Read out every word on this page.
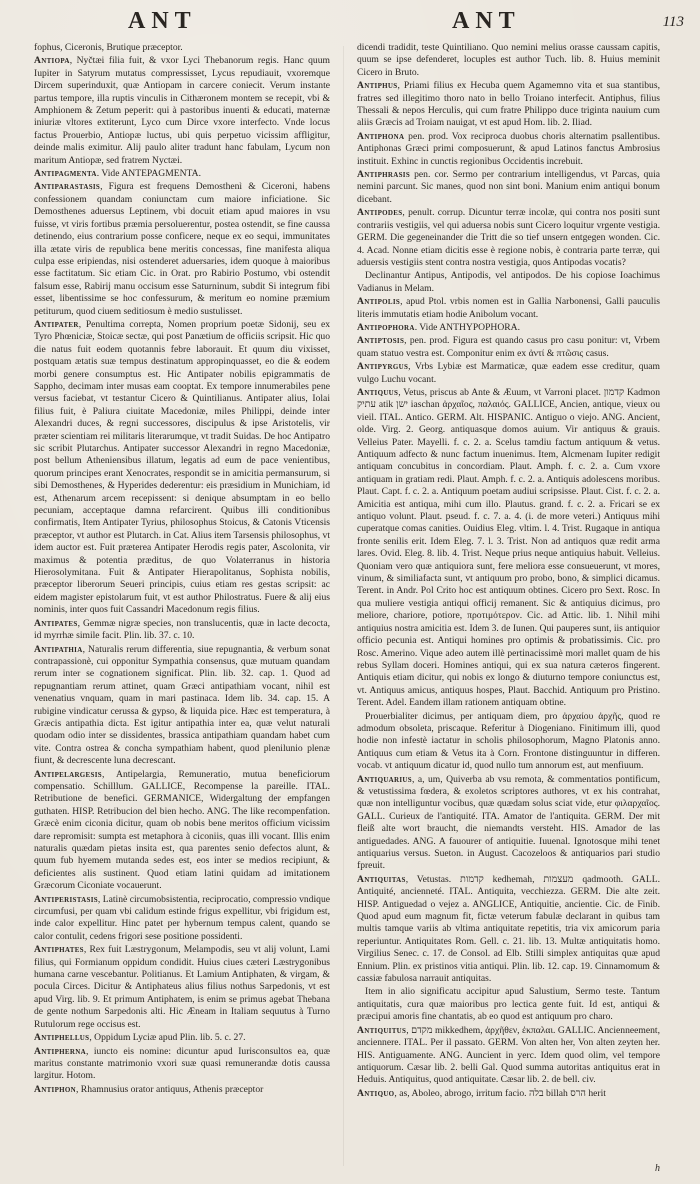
ANT	ANT	113

fophus, Ciceronis, Brutique præceptor.

Antiopa, Nyčtæi filia fuit, & vxor Lyci Thebanorum regis. Hanc quum Iupiter in Satyrum mutatus compressisset, Lycus repudiauit, vxoremque Dircem superinduxit, quæ Antiopam in carcere coniecit. Verum instante partus tempore, illa ruptis vinculis in Cithæronem montem se recepit, vbi & Amphionem & Zetum peperit: qui à pastoribus inuenti & educati, maternæ iniuriæ vltores extiterunt, Lyco cum Dirce vxore interfecto. Vnde locus factus Prouerbio, Antiopæ luctus, ubi quis perpetuo vicissim affligitur, deinde malis eximitur. Alij paulo aliter tradunt hanc fabulam, Lycum non maritum Antiopæ, sed fratrem Nyctæi.

Antipagmenta. Vide ANTEPAGMENTA.

Antiparastasis, Figura est frequens Demosthenì & Ciceroni, habens confessionem quandam coniunctam cum maiore inficiatione. Sic Demosthenes aduersus Leptinem, vbi docuit etiam apud maiores in vsu fuisse, vt viris fortibus præmia persoluerentur, postea ostendit, se fine caussa detinendo, eius contrarium posse conficere, neque ex eo sequi, immunitates illa ætate viris de republica bene meritis concessas, fine manifesta aliqua culpa esse eripiendas, nisi ostenderet aduersaries, idem quoque à maioribus esse factitatum. Sic etiam Cic. in Orat. pro Rabirio Postumo, vbi ostendit falsum esse, Rabirij manu occisum esse Saturninum, subdit Si integrum fibi esset, libentissime se hoc confessurum, & meritum eo nomine præmium petiturum, quod ciuem seditiosum è medio sustulisset.

Antipater, Penultima correpta, Nomen proprium poetæ Sidonij, seu ex Tyro Phœniciæ, Stoicæ sectæ, qui post Panætium de officiis scripsit. Hic quo die natus fuit eodem quotannis febre laborauit. Et quum diu vixisset, postquam ætatis suæ tempus destinatum appropinquasset, eo die & eodem morbi genere consumptus est. Hic Antipater nobilis epigrammatis de Sappho, decimam inter musas eam cooptat. Ex tempore innumerabiles pene versus faciebat, vt testantur Cicero & Quintilianus. Antipater alius, Iolai filius fuit, è Paliura ciuitate Macedoniæ, miles Philippi, deinde inter Alexandri duces, & regni successores, discipulus & ipse Aristotelis, vir præter scientiam rei militaris literarumque, vt tradit Suidas. De hoc Antipatro sic scribit Plutarchus. Antipater successor Alexandri in regno Macedoniæ, post bellum Atheniensibus illatum, legatis ad eum de pace venientibus, quorum principes erant Xenocrates, respondit se in amicitia permansurum, si sibi Demosthenes, & Hyperides dederentur: eis præsidium in Munichiam, id est, Athenarum arcem recepissent: si denique absumptam in eo bello pecuniam, acceptaque damna refarcirent. Quibus illi conditionibus confirmatis, Item Antipater Tyrius, philosophus Stoicus, & Catonis Vticensis præceptor, vt author est Plutarch. in Cat. Alius item Tarsensis philosophus, vt idem auctor est. Fuit præterea Antipater Herodis regis pater, Ascolonita, vir maximus & potentia præditus, de quo Volaterranus in historia Hierosolymitana. Fuit & Antipater Hierapolitanus, Sophista nobilis, præceptor liberorum Seueri principis, cuius etiam res gestas scripsit: ac eidem magister epistolarum fuit, vt est author Philostratus. Fuere & alij eius nominis, inter quos fuit Cassandri Macedonum regis filius.

Antipates, Gemmæ nigræ species, non translucentis, quæ in lacte decocta, id myrrhæ simile facit. Plin. lib. 37. c. 10.

Antipathia, Naturalis rerum differentia, siue repugnantia, & verbum sonat contrapassionè, cui opponitur Sympathia consensus, quæ mutuam quandam rerum inter se cognationem significat. Plin. lib. 32. cap. 1. Quod ad repugnantiam rerum attinet, quam Græci antipathiam vocant, nihil est venenatius vnquam, quam in mari pastinaca. Idem lib. 34. cap. 15. A rubigine vindicatur cerussa & gypso, & liquida pice. Hæc est temperatura, à Græcis antipathia dicta. Est igitur antipathia inter ea, quæ velut naturali quodam odio inter se dissidentes, brassica antipathiam quandam habet cum vite. Contra ostrea & concha sympathiam habent, quod plenilunio plenæ fiunt, & decrescente luna decrescant.

Antipelargesis, Antipelargia, Remuneratio, mutua beneficiorum compensatio. Schilllum. GALLICE, Recompense la pareille. ITAL. Retributione de benefici. GERMANICE, Widergaltung der empfangen guthaten. HISP. Retribucion del bien hecho. ANG. The like recompenfation. Græcè enim ciconia dicitur, quam ob nobis bene meritos officium vicissim dare repromisit: sumpta est metaphora à ciconiis, quas illi vocant. Illis enim naturalis quædam pietas insita est, qua parentes senio defectos alunt, & quum fub hyemem mutanda sedes est, eos inter se medios recipiunt, & deficientes alis sustinent. Quod etiam latini quidam ad imitationem Græcorum Ciconiate vocauerunt.

Antiperistasis, Latinè circumobsistentia, reciprocatio, compressio vndique circumfusi, per quam vbi calidum estinde frigus expellitur, vbi frigidum est, inde calor expellitur. Hinc patet per hybernum tempus calent, quando se calor contulit, cedens frigori sese positione possidenti.

Antiphates, Rex fuit Læstrygonum, Melampodis, seu vt alij volunt, Lami filius, qui Formianum oppidum condidit. Huius ciues cæteri Læstrygonibus humana carne vescebantur. Politianus. Et Lamium Antiphaten, & virgam, & pocula Circes. Dicitur & Antiphateus alius filius nothus Sarpedonis, vt est apud Virg. lib. 9. Et primum Antiphatem, is enim se primus agebat Thebana de gente nothum Sarpedonis alti. Hic Æneam in Italiam sequutus à Turno Rutulorum rege occisus est.

Antiphellus, Oppidum Lyciæ apud Plin. lib. 5. c. 27.

Antipherna, iuncto eis nomine: dicuntur apud Iurisconsultos ea, quæ maritus constante matrimonio vxori suæ quasi remunerandæ dotis caussa largitur. Hotom.

Antiphon, Rhamnusius orator antiquus, Athenis præceptor

dicendi tradidit, teste Quintiliano. Quo nemini melius orasse caussam capitis, quum se ipse defenderet, locuples est author Tuch. lib. 8. Huius meminit Cicero in Bruto.

Antiphus, Priami filius ex Hecuba quem Agamemno vita et sua stantibus, fratres sed illegitimo thoro nato in bello Troiano interfecit. Antiphus, filius Thessali & nepos Herculis, qui cum fratre Philippo duce triginta nauium cum aliis Græcis ad Troiam nauigat, vt est apud Hom. lib. 2. Iliad.

Antiphona pen. prod. Vox reciproca duobus choris alternatim psallentibus. Antiphonas Græci primi composuerunt, & apud Latinos fanctus Ambrosius instituit. Exhinc in cunctis regionibus Occidentis increbuit.

Antiphrasis pen. cor. Sermo per contrarium intelligendus, vt Parcas, quia nemini parcunt. Sic manes, quod non sint boni. Manium enim antiqui bonum dicebant.

Antipodes, penult. corrup. Dicuntur terræ incolæ, qui contra nos positi sunt contrariis vestigiis, vel qui aduersa nobis sunt Cicero loquitur vrgente vestigia. GERM. Die gegeneinander die Tritt die so tief unsern entgegen wonden. Cic. 4. Acad. Nonne etiam dicitis esse è regione nobis, è contraria parte terræ, qui aduersis vestigiis stent contra nostra vestigia, quos Antipodas vocatis?

Declinantur Antipus, Antipodis, vel antipodos. De his copiose Ioachimus Vadianus in Melam.

Antipolis, apud Ptol. vrbis nomen est in Gallia Narbonensi, Galli pauculis literis immutatis etiam hodie Anibolum vocant.

Antipophora. Vide ANTHYPOPHORA.

Antiptosis, pen. prod. Figura est quando casus pro casu ponitur: vt, Vrbem quam statuo vestra est. Componitur enim ex ἀντί & πτῶσις casus.

Antipyrgus, Vrbs Lybiæ est Marmaticæ, quæ eadem esse creditur, quam vulgo Luchu vocant.

Antiquus, Vetus, priscus ab Ante & Æuum, vt Varroni placet. קדמון Kadmon עתיק atik ישן iaschan ἀρχαῖος, παλαιός. GALLICE, Ancien, antique, vieux ou vieil. ITAL. Antico. GERM. Alt. HISPANIC. Antiguo o viejo. ANG. Ancient, olde. Virg. 2. Georg. antiquasque domos auium. Vir antiquus & grauis. Velleius Pater. Mayelli. f. c. 2. a. Scelus tamdiu factum antiquum & vetus. Antiquum adfecto & nunc factum inuenimus. Item, Alcmenam Iupiter redigit antiquam concubitus in concordiam. Plaut. Amph. f. c. 2. a. Cum vxore antiquam in gratiam redi. Plaut. Amph. f. c. 2. a. Antiquis adolescens moribus. Plaut. Capt. f. c. 2. a. Antiquum poetam audiui scripsisse. Plaut. Cist. f. c. 2. a. Amicitia est antiqua, mihi cum illo. Plautus. grand. f. c. 2. a. Fricari se ex antiquo volunt. Plaut. pseud. f. c. 7. a. 4. (i. de more veteri.) Antiquus mihi cuperatque comas canities. Ouidius Eleg. vltim. l. 4. Trist. Rugaque in antiqua fronte senilis erit. Idem Eleg. 7. l. 3. Trist. Non ad antiquos quæ redit arma lares. Ovid. Eleg. 8. lib. 4. Trist. Neque prius neque antiquius habuit. Velleius. Quoniam vero quæ antiquiora sunt, fere meliora esse consueuerunt, vt mores, vinum, & similiafacta sunt, vt antiquum pro probo, bono, & simplici dicamus. Terent. in Andr. Pol Crito hoc est antiquum obtines. Cicero pro Sext. Rosc. In qua muliere vestigia antiqui officij remanent. Sic & antiquius dicimus, pro meliore, chariore, potiore, προτιμότερον. Cic. ad Attic. lib. 1. Nihil mihi antiquius nostra amicitia est. Idem 3. de Iunen. Qui pauperes sunt, iis antiquior officio pecunia est. Antiqui homines pro optimis & probatissimis. Cic. pro Rosc. Amerino. Vique adeo autem illè pertinacissimè mori mallet quam de his rebus Syllam doceri. Homines antiqui, qui ex sua natura cæteros fingerent. Antiquis etiam dicitur, qui nobis ex longo & diuturno tempore coniunctus est, vt. Antiquus amicus, antiquus hospes, Plaut. Bacchid. Antiquum pro Pristino. Terent. Adel. Eandem illam rationem antiquam obtine.

Prouerbialiter dicimus, per antiquam diem, pro ἀρχαίου ἀρχῆς, quod re admodum obsoleta, priscaque. Referitur à Diogeniano. Finitimum illi, quod hodie non infestè iactatur in scholis philosophorum, Magno Platonis anno. Antiquus cum etiam & Vetus ita à Corn. Frontone distinguuntur in differen. vocab. vt antiquum dicatur id, quod nullo tum annorum est, aut menfiuum.

Antiquarius, a, um, Quiverba ab vsu remota, & commentatios pontificum, & vetustissima fœdera, & exoletos scriptores authores, vt ex his contrahat, quæ non intelliguntur vocibus, quæ quædam solus sciat vide, etur φιλαρχαῖος. GALL. Curieux de l'antiquité. ITA. Amator de l'antiquita. GERM. Der mit fleiß alte wort braucht, die niemandts versteht. HIS. Amador de las antiguedades. ANG. A fauourer of antiquitie. Iuuenal. Ignotosque mihi tenet antiquarius versus. Sueton. in August. Cacozeloos & antiquarios pari studio fpreuit.

Antiquitas, Vetustas. קדמות kedhemah, מעצמות qadmooth. GALL. Antiquité, ancienneté. ITAL. Antiquita, vecchiezza. GERM. Die alte zeit. HISP. Antiguedad o vejez a. ANGLICE, Antiquitie, ancientie. Cic. de Finib. Quod apud eum magnum fit, fictæ veterum fabulæ declarant in quibus tam multis tamque variis ab vltima antiquitate repetitis, tria vix amicorum paria reperiuntur. Antiquitates Rom. Gell. c. 21. lib. 13. Multæ antiquitatis homo. Virgilius Senec. c. 17. de Consol. ad Elb. Stilli simplex antiquitas quæ apud Ennium. Plin. ex pristinos vitia antiqui. Plin. lib. 12. cap. 19. Cinnamomum & cassiæ fabulosa narrauit antiquitas.

Item in alio significatu accipitur apud Salustium, Sermo teste. Tantum antiquitatis, cura quæ maioribus pro lectica gente fuit. Id est, antiqui & præcipui amoris fine chantatis, ab eo quod est antiquum pro charo.

Antiquitus, מקדם mikkedhem, ἀρχῆθεν, ἐκπαλαι. GALLIC. Ancienneement, anciennere. ITAL. Per il passato. GERM. Von alten her, Von alten zeyten her. HIS. Antiguamente. ANG. Auncient in yerc. Idem quod olim, vel tempore antiquorum. Cæsar lib. 2. belli Gal. Quod summa autoritas antiquitus erat in Heduis. Antiquitus, quod antiquitate. Cæsar lib. 2. de bell. civ.

Antiquo, as, Aboleo, abrogo, irritum facio. בלה billah הרס herit

h
